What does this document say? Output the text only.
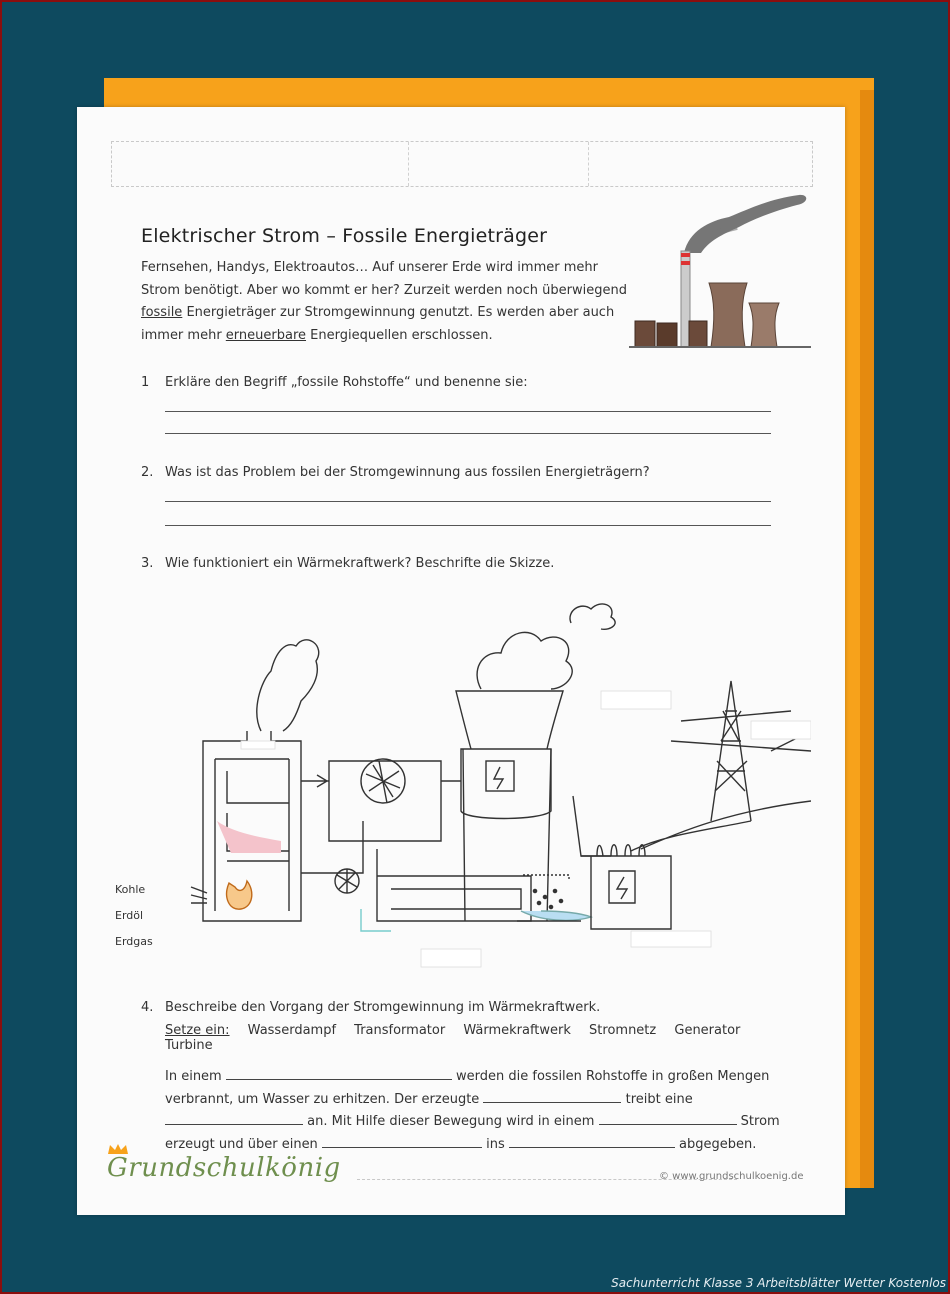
Elektrischer Strom – Fossile Energieträger
Fernsehen, Handys, Elektroautos… Auf unserer Erde wird immer mehr Strom benötigt. Aber wo kommt er her? Zurzeit werden noch überwiegend fossile Energieträger zur Stromgewinnung genutzt. Es werden aber auch immer mehr erneuerbare Energiequellen erschlossen.
1 Erkläre den Begriff „fossile Rohstoffe“ und benenne sie:
2. Was ist das Problem bei der Stromgewinnung aus fossilen Energieträgern?
3. Wie funktioniert ein Wärmekraftwerk? Beschrifte die Skizze.
Kohle
Erdöl
Erdgas
4. Beschreibe den Vorgang der Stromgewinnung im Wärmekraftwerk.
Setze ein: Wasserdampf Transformator Wärmekraftwerk Stromnetz Generator Turbine
In einem	werden die fossilen Rohstoffe in großen Mengen
verbrannt, um Wasser zu erhitzen. Der erzeugte	treibt eine
an. Mit Hilfe dieser Bewegung wird in einem	Strom
erzeugt und über einen	ins	abgegeben.
Grundschulkönig	© www.grundschulkoenig.de
Sachunterricht Klasse 3 Arbeitsblätter Wetter Kostenlos
